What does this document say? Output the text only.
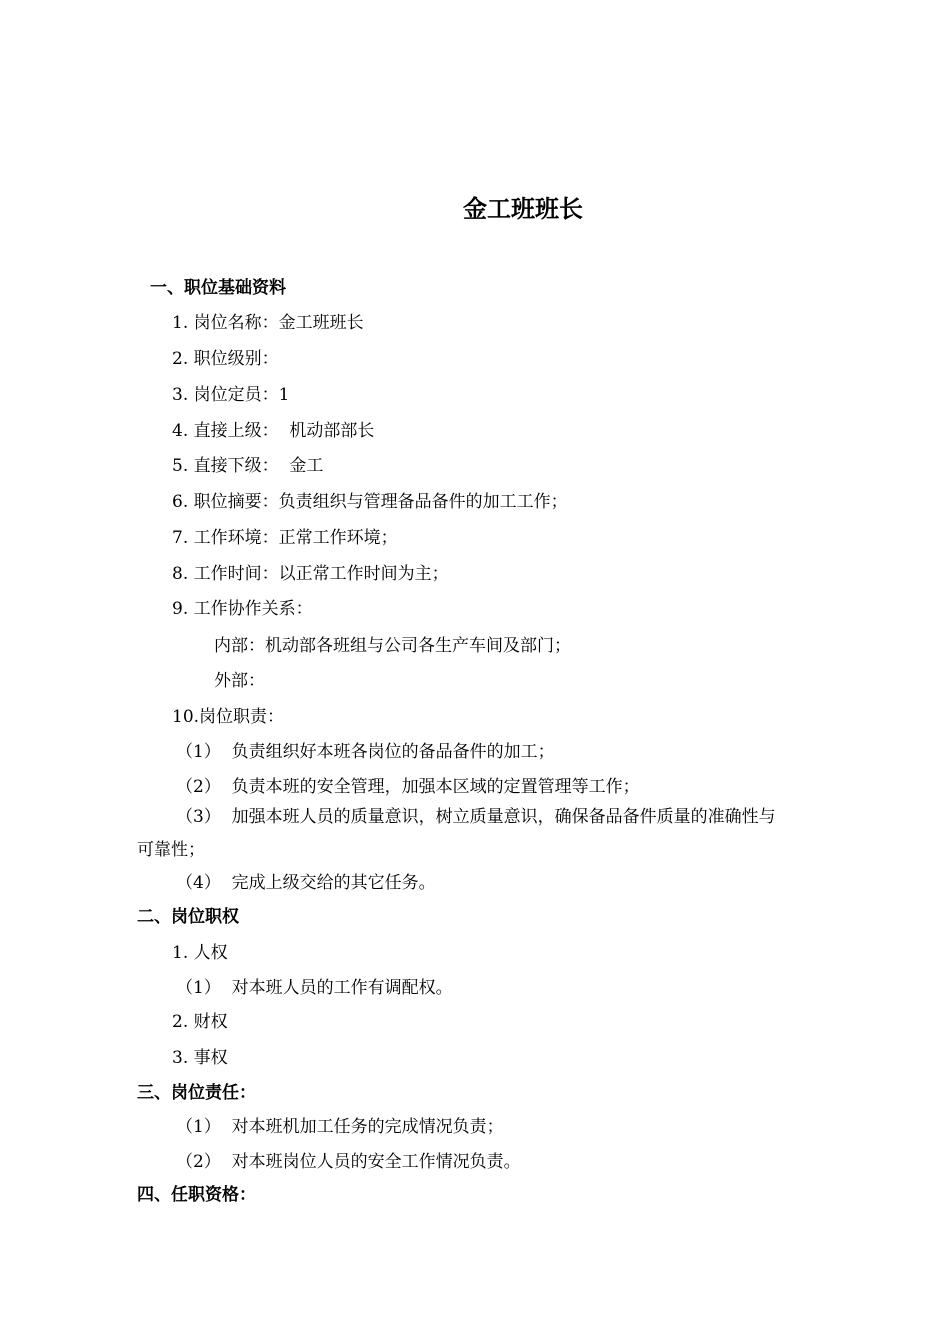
金工班班长
一、职位基础资料
1. 岗位名称：金工班班长
2. 职位级别：
3. 岗位定员：1
4. 直接上级：  机动部部长
5. 直接下级：  金工
6. 职位摘要：负责组织与管理备品备件的加工工作；
7. 工作环境：正常工作环境；
8. 工作时间：以正常工作时间为主；
9. 工作协作关系：
内部：机动部各班组与公司各生产车间及部门；
外部：
10.岗位职责：
（1）  负责组织好本班各岗位的备品备件的加工；
（2）  负责本班的安全管理，加强本区域的定置管理等工作；
（3）  加强本班人员的质量意识，树立质量意识，确保备品备件质量的准确性与
可靠性；
（4）  完成上级交给的其它任务。
二、岗位职权
1. 人权
（1）  对本班人员的工作有调配权。
2. 财权
3. 事权
三、岗位责任：
（1）  对本班机加工任务的完成情况负责；
（2）  对本班岗位人员的安全工作情况负责。
四、任职资格：
